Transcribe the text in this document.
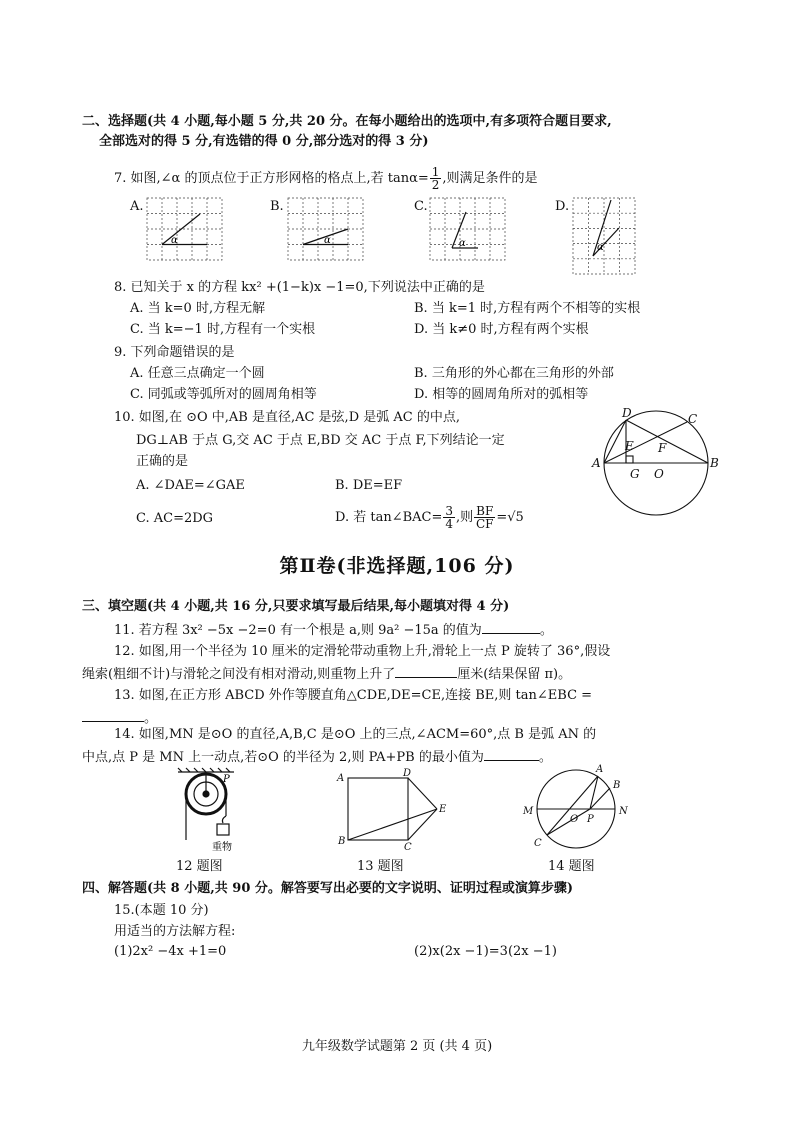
二、选择题(共 4 小题,每小题 5 分,共 20 分。在每小题给出的选项中,有多项符合题目要求,
全部选对的得 5 分,有选错的得 0 分,部分选对的得 3 分)
7. 如图,∠α 的顶点位于正方形网格的格点上,若 $\tan\alpha= \frac{1}{2}$ ,则满足条件的是
A.	B.	C.	D.
α	α	α	α
8. 已知关于 x 的方程 kx² +(1−k)x −1=0,下列说法中正确的是
A. 当 k=0 时,方程无解	B. 当 k=1 时,方程有两个不相等的实根
C. 当 k=−1 时,方程有一个实根	D. 当 k≠0 时,方程有两个实根
9. 下列命题错误的是
A. 任意三点确定一个圆	B. 三角形的外心都在三角形的外部
C. 同弧或等弧所对的圆周角相等	D. 相等的圆周角所对的弧相等
10. 如图,在 ⊙O 中,AB 是直径,AC 是弦,D 是弧 AC 的中点,
DG⊥AB 于点 G,交 AC 于点 E,BD 交 AC 于点 F,下列结论一定
正确的是
A. ∠DAE=∠GAE	B. DE=EF
C. AC=2DG	D. 若 tan∠BAC= $\frac{3}{4}$ ,则 $\frac{BF}{CF} =√5$
D	C
E F
A
G O
B
第Ⅱ卷(非选择题,106 分)
三、填空题(共 4 小题,共 16 分,只要求填写最后结果,每小题填对得 4 分)
11. 若方程 3x² −5x −2=0 有一个根是 a,则 9a² −15a 的值为	。
12. 如图,用一个半径为 10 厘米的定滑轮带动重物上升,滑轮上一点 P 旋转了 36°,假设
绳索(粗细不计)与滑轮之间没有相对滑动,则重物上升了	厘米(结果保留 π)。
13. 如图,在正方形 ABCD 外作等腰直角△CDE,DE=CE,连接 BE,则 tan∠EBC =
。
14. 如图,MN 是⊙O 的直径,A,B,C 是⊙O 上的三点,∠ACM=60°,点 B 是弧 AN 的
中点,点 P 是 MN 上一动点,若⊙O 的半径为 2,则 PA+PB 的最小值为	。
P
重物
12 题图
A	D
E
B
C
13 题图
A
B
M	N
O P
C
14 题图
四、解答题(共 8 小题,共 90 分。解答要写出必要的文字说明、证明过程或演算步骤)
15.(本题 10 分)
用适当的方法解方程:
(1)2x² −4x +1=0	(2)x(2x −1)=3(2x −1)
九年级数学试题第 2 页 (共 4 页)
